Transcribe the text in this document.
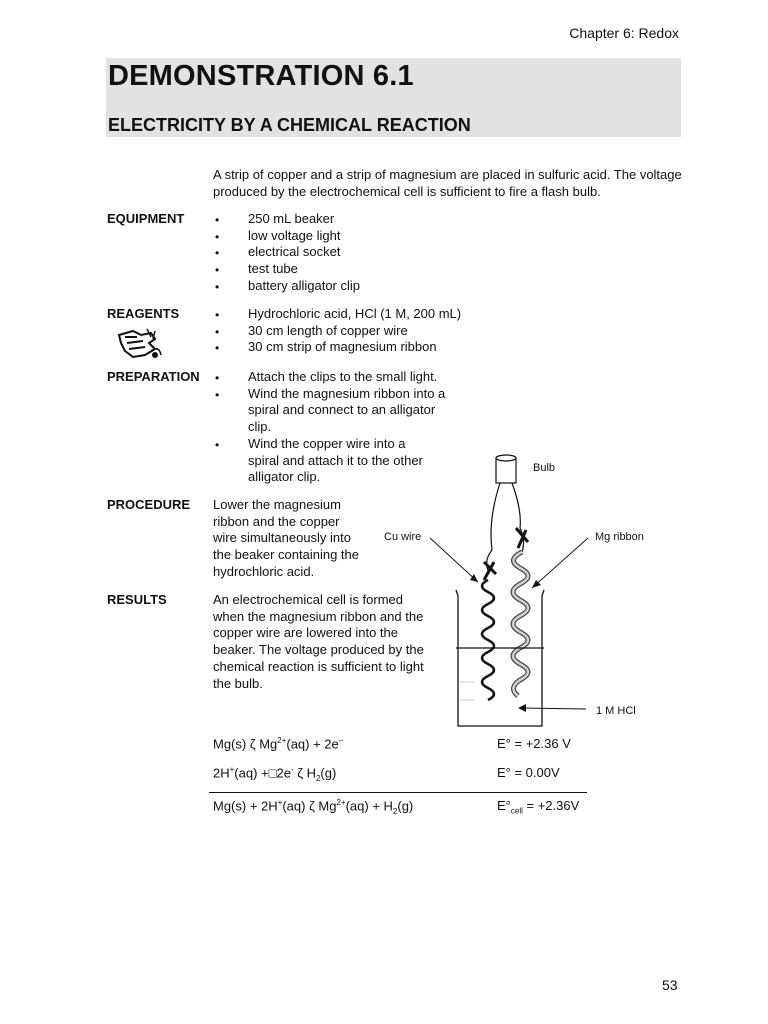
Chapter 6: Redox
DEMONSTRATION 6.1
ELECTRICITY BY A CHEMICAL REACTION
A strip of copper and a strip of magnesium are placed in sulfuric acid. The voltage produced by the electrochemical cell is sufficient to fire a flash bulb.
EQUIPMENT	• 250 mL beaker
• low voltage light
• electrical socket
• test tube
• battery alligator clip
REAGENTS	• Hydrochloric acid, HCl (1 M, 200 mL)
• 30 cm length of copper wire
• 30 cm strip of magnesium ribbon
PREPARATION	• Attach the clips to the small light.
• Wind the magnesium ribbon into a spiral and connect to an alligator clip.
• Wind the copper wire into a spiral and attach it to the other alligator clip.
PROCEDURE Lower the magnesium ribbon and the copper wire simultaneously into the beaker containing the hydrochloric acid.
RESULTS	An electrochemical cell is formed when the magnesium ribbon and the copper wire are lowered into the beaker. The voltage produced by the chemical reaction is sufficient to light the bulb.
Bulb
Cu wire	Mg ribbon
1 M HCl
Mg(s) ζ $Mg^{2+}(aq) + 2e^-$	E° = +2.36 V
2H+(aq) +□2e- ζ $H_2(g)$	E° = 0.00V
Mg(s) + 2H+(aq) ζ $Mg^{2+}(aq) + H_2(g)$	$E^\circ_{cell} = +2.36V$
53
